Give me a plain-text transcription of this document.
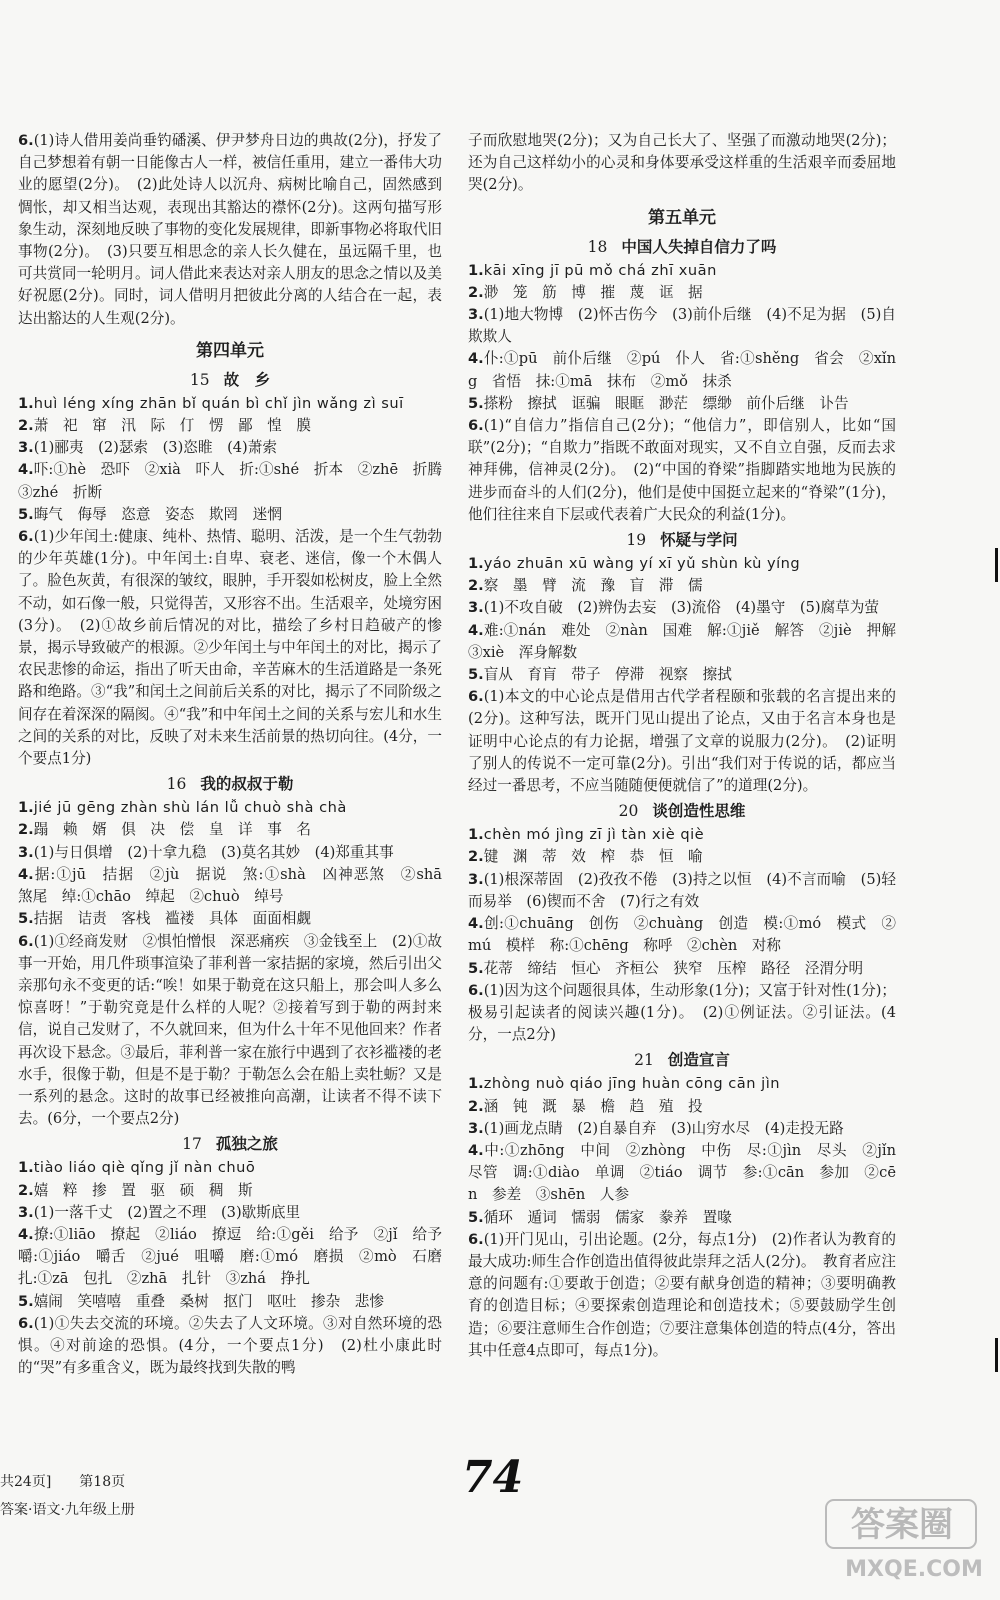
6.(1)诗人借用姜尚垂钓磻溪、伊尹梦舟日边的典故(2分)，抒发了自己梦想着有朝一日能像古人一样，被信任重用，建立一番伟大功业的愿望(2分)。　(2)此处诗人以沉舟、病树比喻自己，固然感到惆怅，却又相当达观，表现出其豁达的襟怀(2分)。这两句描写形象生动，深刻地反映了事物的变化发展规律，即新事物必将取代旧事物(2分)。　(3)只要互相思念的亲人长久健在，虽远隔千里，也可共赏同一轮明月。词人借此来表达对亲人朋友的思念之情以及美好祝愿(2分)。同时，词人借明月把彼此分离的人结合在一起，表达出豁达的人生观(2分)。

第四单元
15 故　乡

1.huì léng xíng zhān bǐ quán bì chǐ jìn wǎng zì suī

2.萧　祀　窜　汛　际　仃　愣　鄙　惶　膜

3.(1)郦夷　(2)瑟索　(3)恣睢　(4)萧索

4.吓:①hè　恐吓　②xià　吓人　折:①shé　折本　②zhē　折腾　③zhé　折断

5.晦气　侮辱　恣意　姿态　欺罔　迷惘

6.(1)少年闰土:健康、纯朴、热情、聪明、活泼，是一个生气勃勃的少年英雄(1分)。中年闰土:自卑、衰老、迷信，像一个木偶人了。脸色灰黄，有很深的皱纹，眼肿，手开裂如松树皮，脸上全然不动，如石像一般，只觉得苦，又形容不出。生活艰辛，处境穷困(3分)。　(2)①故乡前后情况的对比，描绘了乡村日趋破产的惨景，揭示导致破产的根源。②少年闰土与中年闰土的对比，揭示了农民悲惨的命运，指出了听天由命，辛苦麻木的生活道路是一条死路和绝路。③“我”和闰土之间前后关系的对比，揭示了不同阶级之间存在着深深的隔阂。④“我”和中年闰土之间的关系与宏儿和水生之间的关系的对比，反映了对未来生活前景的热切向往。(4分，一个要点1分)

16 我的叔叔于勒

1.jié jū gēng zhàn shù lán lǚ chuò shà chà

2.蹋　赖　婿　俱　决　偿　皇　详　事　名

3.(1)与日俱增　(2)十拿九稳　(3)莫名其妙　(4)郑重其事

4.据:①jū　拮据　②jù　据说　煞:①shà　凶神恶煞　②shā　煞尾　绰:①chāo　绰起　②chuò　绰号

5.拮据　诘责　客栈　褴褛　具体　面面相觑

6.(1)①经商发财　②惧怕憎恨　深恶痛疾　③金钱至上　(2)①故事一开始，用几件琐事渲染了菲利普一家拮据的家境，然后引出父亲那句永不变更的话:“唉！如果于勒竟在这只船上，那会叫人多么惊喜呀！”于勒究竟是什么样的人呢？②接着写到于勒的两封来信，说自己发财了，不久就回来，但为什么十年不见他回来？作者再次设下悬念。③最后，菲利普一家在旅行中遇到了衣衫褴褛的老水手，很像于勒，但是不是于勒？于勒怎么会在船上卖牡蛎？又是一系列的悬念。这时的故事已经被推向高潮，让读者不得不读下去。(6分，一个要点2分)

17 孤独之旅

1.tiào liáo qiè qǐng jǐ nàn chuō

2.嬉　粹　掺　置　驱　硕　稠　斯

3.(1)一落千丈　(2)置之不理　(3)歇斯底里

4.撩:①liāo　撩起　②liáo　撩逗　给:①gěi　给予　②jǐ　给予　嚼:①jiáo　嚼舌　②jué　咀嚼　磨:①mó　磨损　②mò　石磨　扎:①zā　包扎　②zhā　扎针　③zhá　挣扎

5.嬉闹　笑嘻嘻　重叠　桑树　抠门　呕吐　掺杂　悲惨

6.(1)①失去交流的环境。②失去了人文环境。③对自然环境的恐惧。④对前途的恐惧。(4分，一个要点1分)　(2)杜小康此时的“哭”有多重含义，既为最终找到失散的鸭

子而欣慰地哭(2分)；又为自己长大了、坚强了而激动地哭(2分)；还为自己这样幼小的心灵和身体要承受这样重的生活艰辛而委屈地哭(2分)。

第五单元
18 中国人失掉自信力了吗

1.kāi xīng jī pū mǒ chá zhī xuān

2.渺　笼　筋　博　摧　蔑　诓　据

3.(1)地大物博　(2)怀古伤今　(3)前仆后继　(4)不足为据　(5)自欺欺人

4.仆:①pū　前仆后继　②pú　仆人　省:①shěng　省会　②xǐng　省悟　抹:①mā　抹布　②mǒ　抹杀

5.搽粉　擦拭　诓骗　眼眶　渺茫　缥缈　前仆后继　讣告

6.(1)“自信力”指信自己(2分)；“他信力”，即信别人，比如“国联”(2分)；“自欺力”指既不敢面对现实，又不自立自强，反而去求神拜佛，信神灵(2分)。　(2)“中国的脊梁”指脚踏实地地为民族的进步而奋斗的人们(2分)，他们是使中国挺立起来的“脊梁”(1分)，他们往往来自下层或代表着广大民众的利益(1分)。

19 怀疑与学问

1.yáo zhuān xū wàng yí xī yǔ shùn kù yíng

2.察　墨　臂　流　豫　盲　滞　儒

3.(1)不攻自破　(2)辨伪去妄　(3)流俗　(4)墨守　(5)腐草为萤

4.难:①nán　难处　②nàn　国难　解:①jiě　解答　②jiè　押解　③xiè　浑身解数

5.盲从　育肓　带子　停滞　视察　擦拭

6.(1)本文的中心论点是借用古代学者程颐和张载的名言提出来的(2分)。这种写法，既开门见山提出了论点，又由于名言本身也是证明中心论点的有力论据，增强了文章的说服力(2分)。　(2)证明了别人的传说不一定可靠(2分)。引出“我们对于传说的话，都应当经过一番思考，不应当随随便便就信了”的道理(2分)。

20 谈创造性思维

1.chèn mó jìng zī jì tàn xiè qiè

2.键　渊　蒂　效　榨　恭　恒　喻

3.(1)根深蒂固　(2)孜孜不倦　(3)持之以恒　(4)不言而喻　(5)轻而易举　(6)锲而不舍　(7)行之有效

4.创:①chuāng　创伤　②chuàng　创造　模:①mó　模式　②mú　模样　称:①chēng　称呼　②chèn　对称

5.花蒂　缔结　恒心　齐桓公　狭窄　压榨　路径　泾渭分明

6.(1)因为这个问题很具体，生动形象(1分)；又富于针对性(1分)；极易引起读者的阅读兴趣(1分)。　(2)①例证法。②引证法。(4分，一点2分)

21 创造宣言

1.zhòng nuò qiáo jīng huàn cōng cān jìn

2.涵　钝　溉　暴　檐　趋　殖　投

3.(1)画龙点睛　(2)自暴自弃　(3)山穷水尽　(4)走投无路

4.中:①zhōng　中间　②zhòng　中伤　尽:①jìn　尽头　②jǐn　尽管　调:①diào　单调　②tiáo　调节　参:①cān　参加　②cēn　参差　③shēn　人参

5.循环　遁词　懦弱　儒家　豢养　置喙

6.(1)开门见山，引出论题。(2分，每点1分)　(2)作者认为教育的最大成功:师生合作创造出值得彼此崇拜之活人(2分)。　教育者应注意的问题有:①要敢于创造；②要有献身创造的精神；③要明确教育的创造目标；④要探索创造理论和创造技术；⑤要鼓励学生创造；⑥要注意师生合作创造；⑦要注意集体创造的特点(4分，答出其中任意4点即可，每点1分)。

共24页]　　 第18页
答案·语文·九年级上册
74
答案圈
MXQE.COM
